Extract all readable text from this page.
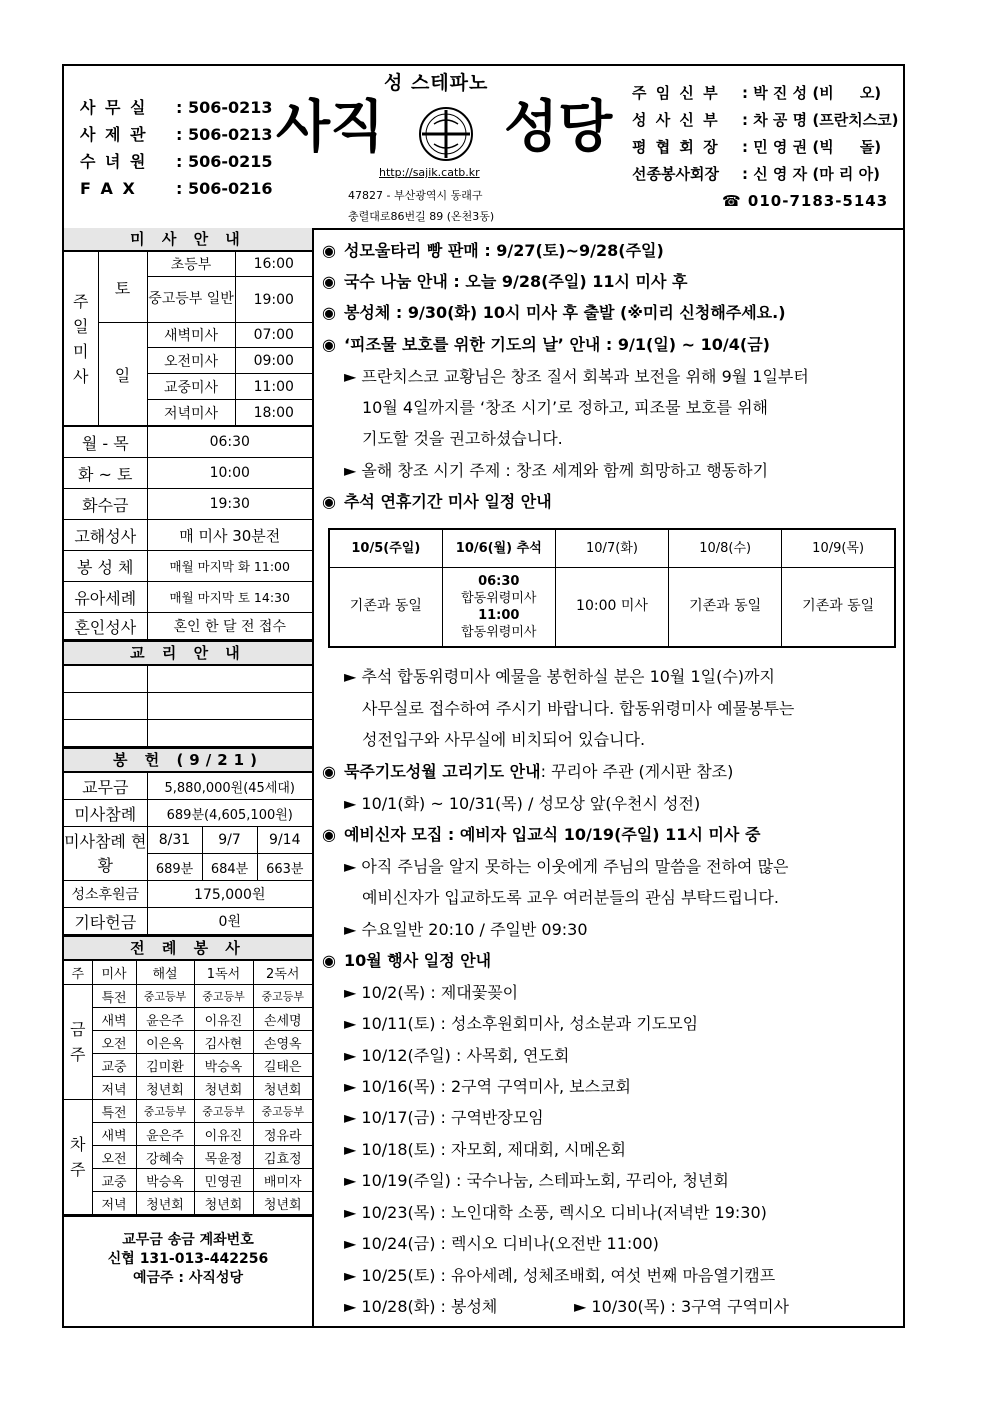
사 무 실	: 506-0213
사 제 관	: 506-0213
수 녀 원	: 506-0215
F A X	: 506-0216
성 스테파노
사직 성당
http://sajik.catb.kr
47827 - 부산광역시 동래구
충렬대로86번길 89 (온천3동)
주 임 신 부	: 박 진 성 (비     오)
성 사 신 부	: 차 공 명 (프란치스코)
평 협 회 장	: 민 영 권 (빅     돌)
선종봉사회장	: 신 영 자 (마 리 아)
☎ 010-7183-5143
미 사 안 내
주일미사	토	초등부	16:00
		중고등부 일반	19:00
	일	새벽미사	07:00
		오전미사	09:00
		교중미사	11:00
		저녁미사	18:00
월 - 목	06:30
화 ~ 토	10:00
화수금	19:30
고해성사	매 미사 30분전
봉 성 체	매월 마지막 화 11:00
유아세례	매월 마지막 토 14:30
혼인성사	혼인 한 달 전 접수
교 리 안 내

봉 헌 (9/21)
교무금	5,880,000원(45세대)		
미사참례	689분(4,605,100원)		
미사참례 현황	8/31	9/7	9/14
	689분	684분	663분
성소후원금	175,000원		
기타헌금	0원		
전 례 봉 사
주	미사	해설	1독서	2독서

금주	특전	중고등부	중고등부	중고등부
	새벽	윤은주	이유진	손세명
	오전	이은옥	김사현	손영옥
	교중	김미환	박승옥	길태은
	저녁	청년회	청년회	청년회

차주	특전	중고등부	중고등부	중고등부
	새벽	윤은주	이유진	정유라
	오전	강혜숙	목윤정	김효정
	교중	박승옥	민영권	배미자
	저녁	청년회	청년회	청년회
교무금 송금 계좌번호
신협 131-013-442256
예금주 : 사직성당
◉ 성모울타리 빵 판매 : 9/27(토)~9/28(주일)
◉ 국수 나눔 안내 : 오늘 9/28(주일) 11시 미사 후
◉ 봉성체 : 9/30(화) 10시 미사 후 출발 (※미리 신청해주세요.)
◉ ‘피조물 보호를 위한 기도의 날’ 안내 : 9/1(일) ~ 10/4(금)
► 프란치스코 교황님은 창조 질서 회복과 보전을 위해 9월 1일부터
10월 4일까지를 ‘창조 시기’로 정하고, 피조물 보호를 위해
기도할 것을 권고하셨습니다.
► 올해 창조 시기 주제 : 창조 세계와 함께 희망하고 행동하기
◉ 추석 연휴기간 미사 일정 안내
10/5(주일)	10/6(월) 추석	10/7(화)	10/8(수)	10/9(목)
기존과 동일	06:30
합동위령미사
11:00
합동위령미사	10:00 미사	기존과 동일	기존과 동일
► 추석 합동위령미사 예물을 봉헌하실 분은 10월 1일(수)까지
사무실로 접수하여 주시기 바랍니다. 합동위령미사 예물봉투는
성전입구와 사무실에 비치되어 있습니다.
◉ 묵주기도성월 고리기도 안내: 꾸리아 주관 (게시판 참조)
► 10/1(화) ~ 10/31(목) / 성모상 앞(우천시 성전)
◉ 예비신자 모집 : 예비자 입교식 10/19(주일) 11시 미사 중
► 아직 주님을 알지 못하는 이웃에게 주님의 말씀을 전하여 많은
예비신자가 입교하도록 교우 여러분들의 관심 부탁드립니다.
► 수요일반 20:10 / 주일반 09:30
◉ 10월 행사 일정 안내
► 10/2(목) : 제대꽃꽂이
► 10/11(토) : 성소후원회미사, 성소분과 기도모임
► 10/12(주일) : 사목회, 연도회
► 10/16(목) : 2구역 구역미사, 보스코회
► 10/17(금) : 구역반장모임
► 10/18(토) : 자모회, 제대회, 시메온회
► 10/19(주일) : 국수나눔, 스테파노회, 꾸리아, 청년회
► 10/23(목) : 노인대학 소풍, 렉시오 디비나(저녁반 19:30)
► 10/24(금) : 렉시오 디비나(오전반 11:00)
► 10/25(토) : 유아세례, 성체조배회, 여섯 번째 마음열기캠프
► 10/28(화) : 봉성체	► 10/30(목) : 3구역 구역미사
